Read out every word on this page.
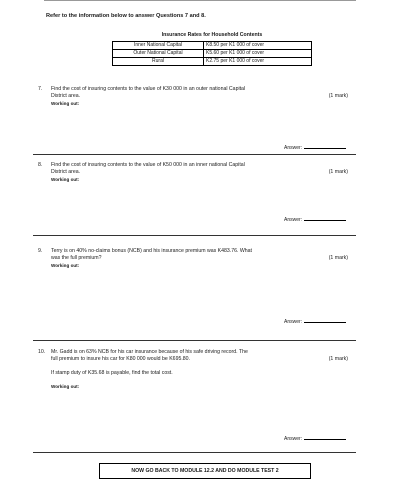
Refer to the information below to answer Questions 7 and 8.
Insurance Rates for Household Contents
Inner National Capital	K8.50 per K1 000 of cover
Outer National Capital	K5.60 per K1 000 of cover
Rural	K2.75 per K1 000 of cover
7. Find the cost of insuring contents to the value of K30 000 in an outer national Capital

District area.	(1 mark)
Working out:
Answer:
8. Find the cost of insuring contents to the value of K50 000 in an inner national Capital

District area.	(1 mark)
Working out:
Answer:
9. Terry is on 40% no-claims bonus (NCB) and his insurance premium was K483.76. What

was the full premium?	(1 mark)
Working out:
Answer:
10. Mr. Gadd is on 63% NCB for his car insurance because of his safe driving record. The

full premium to insure his car for K80 000 would be K695.80.

If stamp duty of K35.68 is payable, find the total cost.

(1 mark)
Working out:
Answer:
NOW GO BACK TO MODULE 12.2 AND DO MODULE TEST 2
